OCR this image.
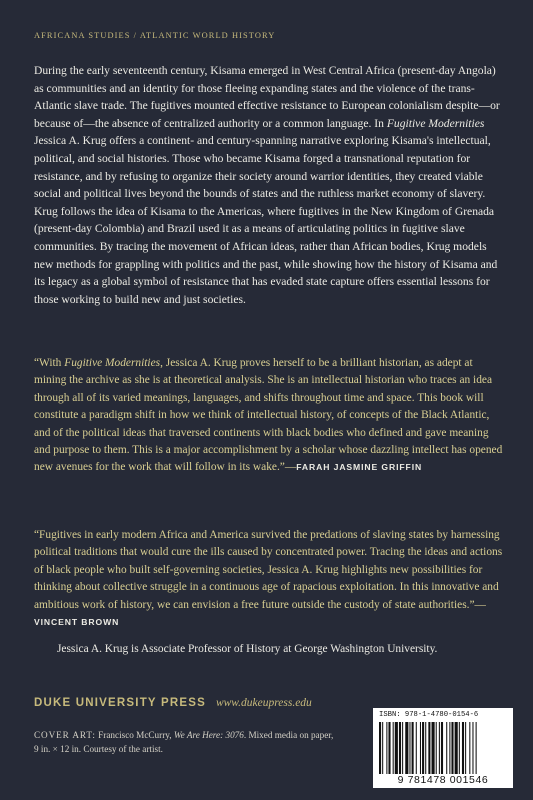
AFRICANA STUDIES / ATLANTIC WORLD HISTORY

During the early seventeenth century, Kisama emerged in West Central Africa (present-day Angola) as communities and an identity for those fleeing expanding states and the violence of the trans-Atlantic slave trade. The fugitives mounted effective resistance to European colonialism despite—or because of—the absence of centralized authority or a common language. In Fugitive Modernities Jessica A. Krug offers a continent- and century-spanning narrative exploring Kisama's intellectual, political, and social histories. Those who became Kisama forged a transnational reputation for resistance, and by refusing to organize their society around warrior identities, they created viable social and political lives beyond the bounds of states and the ruthless market economy of slavery. Krug follows the idea of Kisama to the Americas, where fugitives in the New Kingdom of Grenada (present-day Colombia) and Brazil used it as a means of articulating politics in fugitive slave communities. By tracing the movement of African ideas, rather than African bodies, Krug models new methods for grappling with politics and the past, while showing how the history of Kisama and its legacy as a global symbol of resistance that has evaded state capture offers essential lessons for those working to build new and just societies.

“With Fugitive Modernities, Jessica A. Krug proves herself to be a brilliant historian, as adept at mining the archive as she is at theoretical analysis. She is an intellectual historian who traces an idea through all of its varied meanings, languages, and shifts throughout time and space. This book will constitute a paradigm shift in how we think of intellectual history, of concepts of the Black Atlantic, and of the political ideas that traversed continents with black bodies who defined and gave meaning and purpose to them. This is a major accomplishment by a scholar whose dazzling intellect has opened new avenues for the work that will follow in its wake.”—FARAH JASMINE GRIFFIN

“Fugitives in early modern Africa and America survived the predations of slaving states by harnessing political traditions that would cure the ills caused by concentrated power. Tracing the ideas and actions of black people who built self-governing societies, Jessica A. Krug highlights new possibilities for thinking about collective struggle in a continuous age of rapacious exploitation. In this innovative and ambitious work of history, we can envision a free future outside the custody of state authorities.”—VINCENT BROWN

Jessica A. Krug is Associate Professor of History at George Washington University.

DUKE UNIVERSITY PRESS www.dukeupress.edu

COVER ART: Francisco McCurry, We Are Here: 3076. Mixed media on paper, 9 in. × 12 in. Courtesy of the artist.

ISBN: 978-1-4780-0154-6
9 781478 001546
